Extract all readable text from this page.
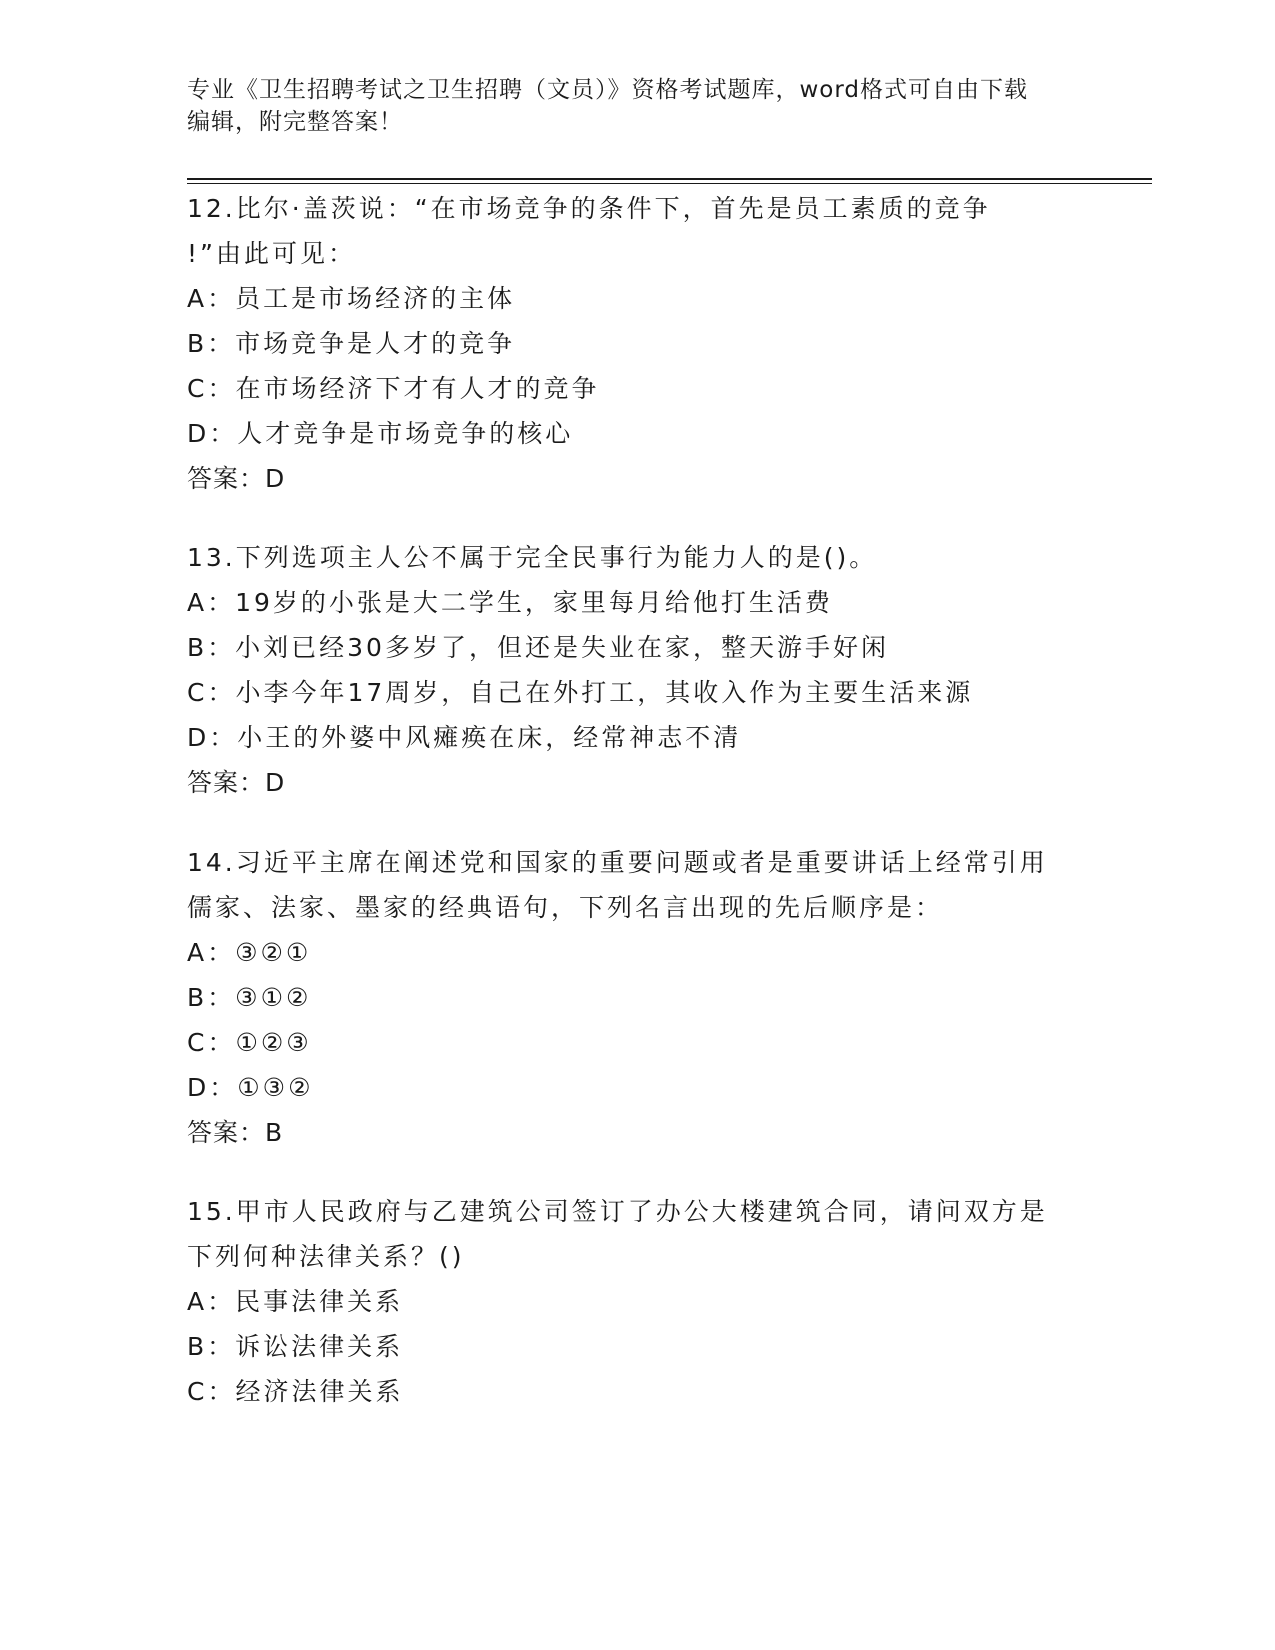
专业《卫生招聘考试之卫生招聘（文员）》资格考试题库，word格式可自由下载
编辑，附完整答案！
12.比尔·盖茨说：“在市场竞争的条件下，首先是员工素质的竞争
!”由此可见：
A：员工是市场经济的主体
B：市场竞争是人才的竞争
C：在市场经济下才有人才的竞争
D：人才竞争是市场竞争的核心
答案：D
13.下列选项主人公不属于完全民事行为能力人的是()。
A：19岁的小张是大二学生，家里每月给他打生活费
B：小刘已经30多岁了，但还是失业在家，整天游手好闲
C：小李今年17周岁，自己在外打工，其收入作为主要生活来源
D：小王的外婆中风瘫痪在床，经常神志不清
答案：D
14.习近平主席在阐述党和国家的重要问题或者是重要讲话上经常引用
儒家、法家、墨家的经典语句，下列名言出现的先后顺序是：
A：③②①
B：③①②
C：①②③
D：①③②
答案：B
15.甲市人民政府与乙建筑公司签订了办公大楼建筑合同，请问双方是
下列何种法律关系？()
A：民事法律关系
B：诉讼法律关系
C：经济法律关系
